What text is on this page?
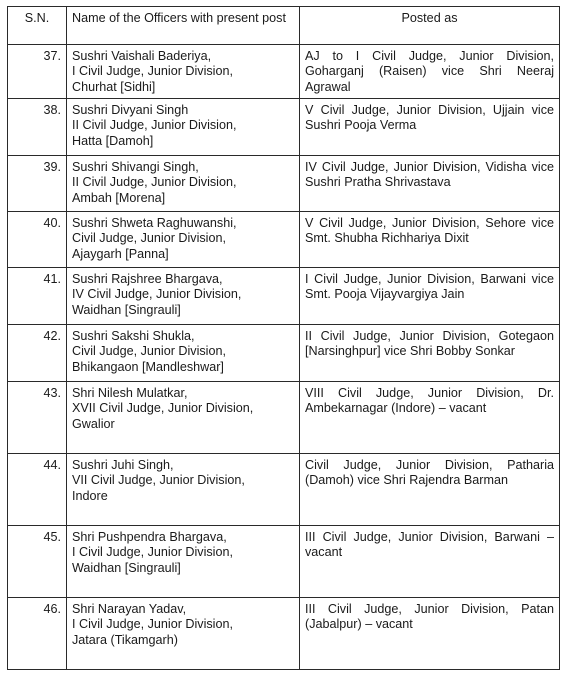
S.N.	Name of the Officers with present post	Posted as
37.	Sushri Vaishali Baderiya,
I Civil Judge, Junior Division,
Churhat [Sidhi]	AJ to I Civil Judge, Junior Division, Goharganj (Raisen) vice Shri Neeraj Agrawal

38.	Sushri Divyani Singh
II Civil Judge, Junior Division,
Hatta [Damoh]	V Civil Judge, Junior Division, Ujjain vice Sushri Pooja Verma

39.	Sushri Shivangi Singh,
II Civil Judge, Junior Division,
Ambah [Morena]	IV Civil Judge, Junior Division, Vidisha vice Sushri Pratha Shrivastava

40.	Sushri Shweta Raghuwanshi,
Civil Judge, Junior Division,
Ajaygarh [Panna]	V Civil Judge, Junior Division, Sehore vice Smt. Shubha Richhariya Dixit

41.	Sushri Rajshree Bhargava,
IV Civil Judge, Junior Division,
Waidhan [Singrauli]	I Civil Judge, Junior Division, Barwani vice Smt. Pooja Vijayvargiya Jain

42.	Sushri Sakshi Shukla,
Civil Judge, Junior Division,
Bhikangaon [Mandleshwar]	II Civil Judge, Junior Division, Gotegaon [Narsinghpur] vice Shri Bobby Sonkar

43.	Shri Nilesh Mulatkar,
XVII Civil Judge, Junior Division,
Gwalior	VIII Civil Judge, Junior Division, Dr. Ambekarnagar (Indore) – vacant

44.	Sushri Juhi Singh,
VII Civil Judge, Junior Division,
Indore	Civil Judge, Junior Division, Patharia (Damoh) vice Shri Rajendra Barman

45.	Shri Pushpendra Bhargava,
I Civil Judge, Junior Division,
Waidhan [Singrauli]	III Civil Judge, Junior Division, Barwani – vacant

46.	Shri Narayan Yadav,
I Civil Judge, Junior Division,
Jatara (Tikamgarh)	III Civil Judge, Junior Division, Patan (Jabalpur) – vacant
